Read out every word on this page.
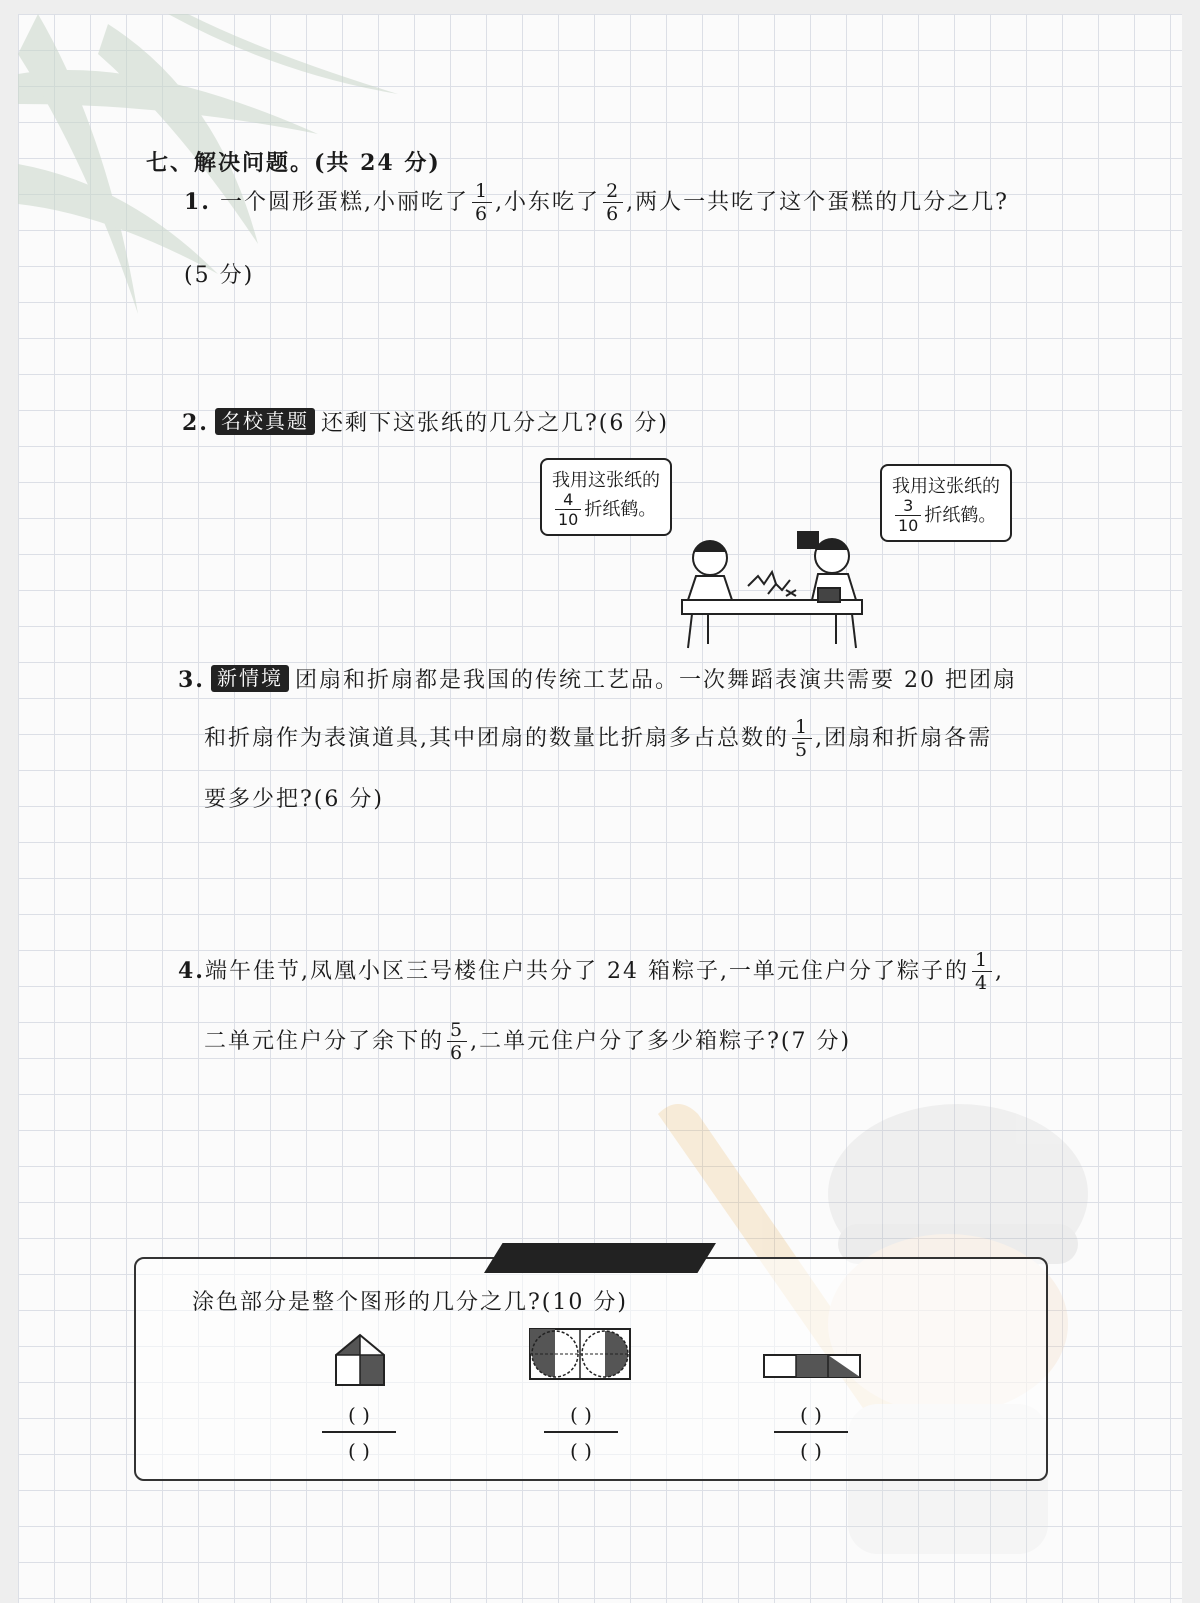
七、解决问题。(共 24 分)
1. 一个圆形蛋糕,小丽吃了 $\frac{1}{6}$ ,小东吃了 $\frac{2}{6}$ ,两人一共吃了这个蛋糕的几分之几?
(5 分)
2. 名校真题 还剩下这张纸的几分之几?(6 分)
我用这张纸的
$\frac{4}{10}$ 折纸鹤。
我用这张纸的
$\frac{3}{10}$ 折纸鹤。
3. 新情境 团扇和折扇都是我国的传统工艺品。一次舞蹈表演共需要 20 把团扇
和折扇作为表演道具,其中团扇的数量比折扇多占总数的 $\frac{1}{5}$ ,团扇和折扇各需
要多少把?(6 分)
4.端午佳节,凤凰小区三号楼住户共分了 24 箱粽子,一单元住户分了粽子的 $\frac{1}{4}$ ,
二单元住户分了余下的 $\frac{5}{6}$ ,二单元住户分了多少箱粽子?(7 分)
涂色部分是整个图形的几分之几?(10 分)
( )
( )
( )
( )
( )
( )
